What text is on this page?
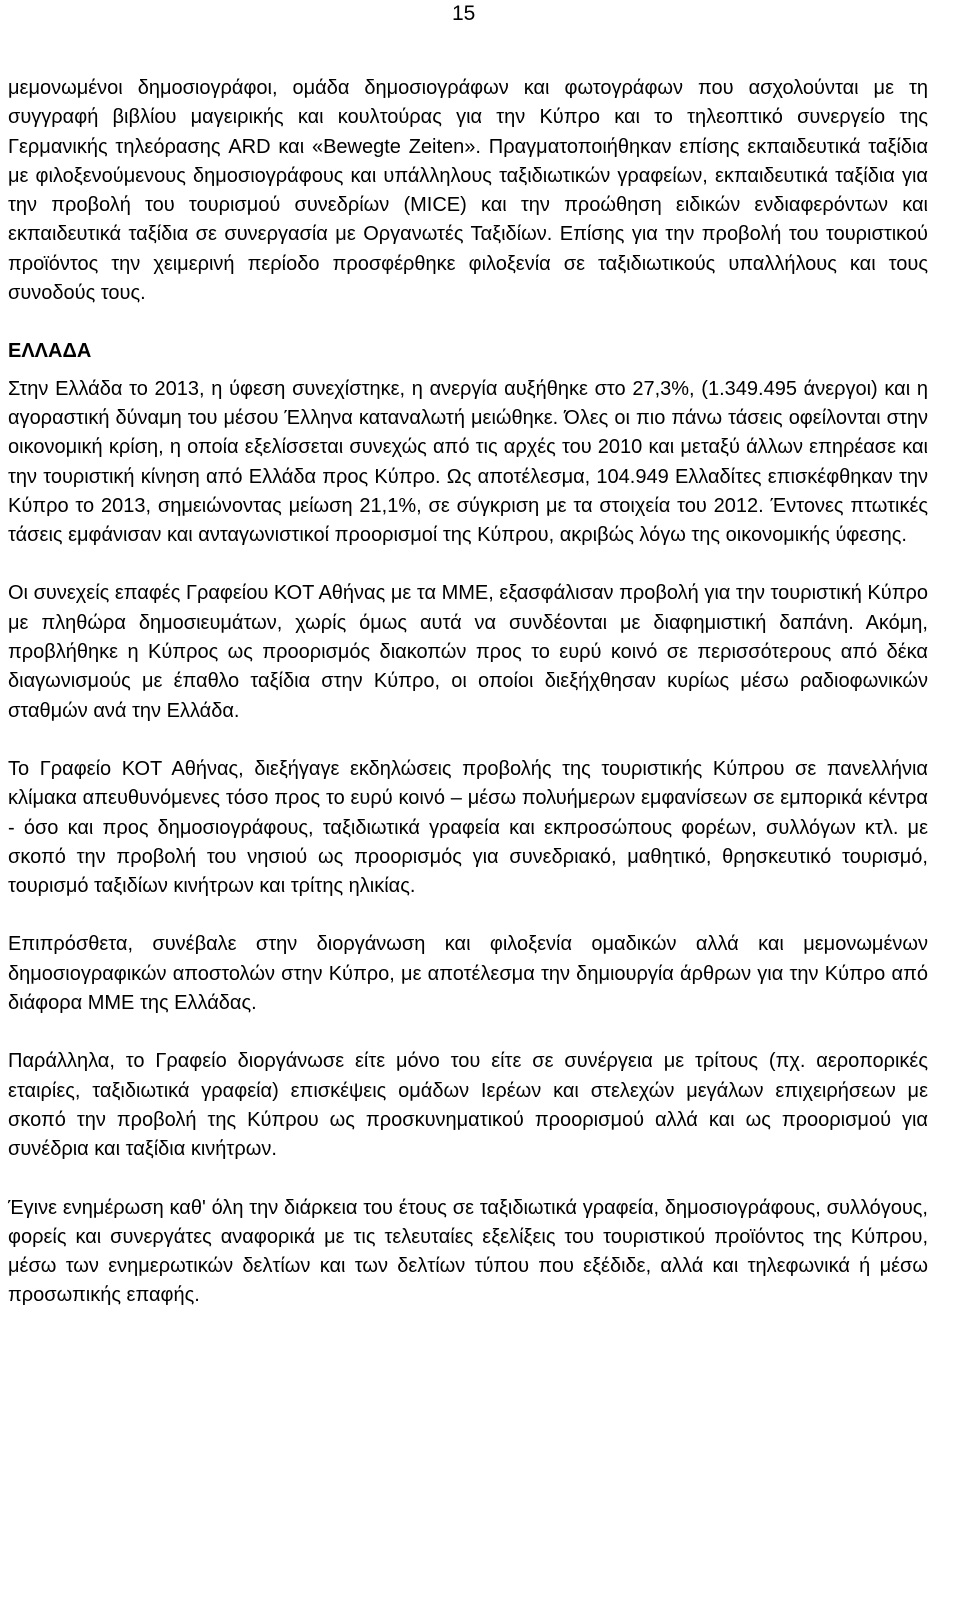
15

μεμονωμένοι δημοσιογράφοι, ομάδα δημοσιογράφων και φωτογράφων που ασχολούνται με τη συγγραφή βιβλίου μαγειρικής και κουλτούρας για την Κύπρο και το τηλεοπτικό συνεργείο της Γερμανικής τηλεόρασης ARD και «Bewegte Zeiten». Πραγματοποιήθηκαν επίσης εκπαιδευτικά ταξίδια με φιλοξενούμενους δημοσιογράφους και υπάλληλους ταξιδιωτικών γραφείων, εκπαιδευτικά ταξίδια για την προβολή του τουρισμού συνεδρίων (MICE) και την προώθηση ειδικών ενδιαφερόντων και εκπαιδευτικά ταξίδια σε συνεργασία με Οργανωτές Ταξιδίων. Επίσης για την προβολή του τουριστικού προϊόντος την χειμερινή περίοδο προσφέρθηκε φιλοξενία σε ταξιδιωτικούς υπαλλήλους και τους συνοδούς τους.

ΕΛΛΑΔΑ

Στην Ελλάδα το 2013, η ύφεση συνεχίστηκε, η ανεργία αυξήθηκε στο 27,3%, (1.349.495 άνεργοι) και η αγοραστική δύναμη του μέσου Έλληνα καταναλωτή μειώθηκε. Όλες οι πιο πάνω τάσεις οφείλονται στην οικονομική κρίση, η οποία εξελίσσεται συνεχώς από τις αρχές του 2010 και μεταξύ άλλων επηρέασε και την τουριστική κίνηση από Ελλάδα προς Κύπρο. Ως αποτέλεσμα, 104.949 Ελλαδίτες επισκέφθηκαν την Κύπρο το 2013, σημειώνοντας μείωση 21,1%, σε σύγκριση με τα στοιχεία του 2012. Έντονες πτωτικές τάσεις εμφάνισαν και ανταγωνιστικοί προορισμοί της Κύπρου, ακριβώς λόγω της οικονομικής ύφεσης.

Οι συνεχείς επαφές Γραφείου ΚΟΤ Αθήνας με τα ΜΜΕ, εξασφάλισαν προβολή για την τουριστική Κύπρο με πληθώρα δημοσιευμάτων, χωρίς όμως αυτά να συνδέονται με διαφημιστική δαπάνη. Ακόμη, προβλήθηκε η Κύπρος ως προορισμός διακοπών προς το ευρύ κοινό σε περισσότερους από δέκα διαγωνισμούς με έπαθλο ταξίδια στην Κύπρο, οι οποίοι διεξήχθησαν κυρίως μέσω ραδιοφωνικών σταθμών ανά την Ελλάδα.

Το Γραφείο ΚΟΤ Αθήνας, διεξήγαγε εκδηλώσεις προβολής της τουριστικής Κύπρου σε πανελλήνια κλίμακα απευθυνόμενες τόσο προς το ευρύ κοινό – μέσω πολυήμερων εμφανίσεων σε εμπορικά κέντρα - όσο και προς δημοσιογράφους, ταξιδιωτικά γραφεία και εκπροσώπους φορέων, συλλόγων κτλ. με σκοπό την προβολή του νησιού ως προορισμός για συνεδριακό, μαθητικό, θρησκευτικό τουρισμό, τουρισμό ταξιδίων κινήτρων και τρίτης ηλικίας.

Επιπρόσθετα, συνέβαλε στην διοργάνωση και φιλοξενία ομαδικών αλλά και μεμονωμένων δημοσιογραφικών αποστολών στην Κύπρο, με αποτέλεσμα την δημιουργία άρθρων για την Κύπρο από διάφορα ΜΜΕ της Ελλάδας.

Παράλληλα, το Γραφείο διοργάνωσε είτε μόνο του είτε σε συνέργεια με τρίτους (πχ. αεροπορικές εταιρίες, ταξιδιωτικά γραφεία) επισκέψεις ομάδων Ιερέων και στελεχών μεγάλων επιχειρήσεων με σκοπό την προβολή της Κύπρου ως προσκυνηματικού προορισμού αλλά και ως προορισμού για συνέδρια και ταξίδια κινήτρων.

Έγινε ενημέρωση καθ' όλη την διάρκεια του έτους σε ταξιδιωτικά γραφεία, δημοσιογράφους, συλλόγους, φορείς και συνεργάτες αναφορικά με τις τελευταίες εξελίξεις του τουριστικού προϊόντος της Κύπρου, μέσω των ενημερωτικών δελτίων και των δελτίων τύπου που εξέδιδε, αλλά και τηλεφωνικά ή μέσω προσωπικής επαφής.
